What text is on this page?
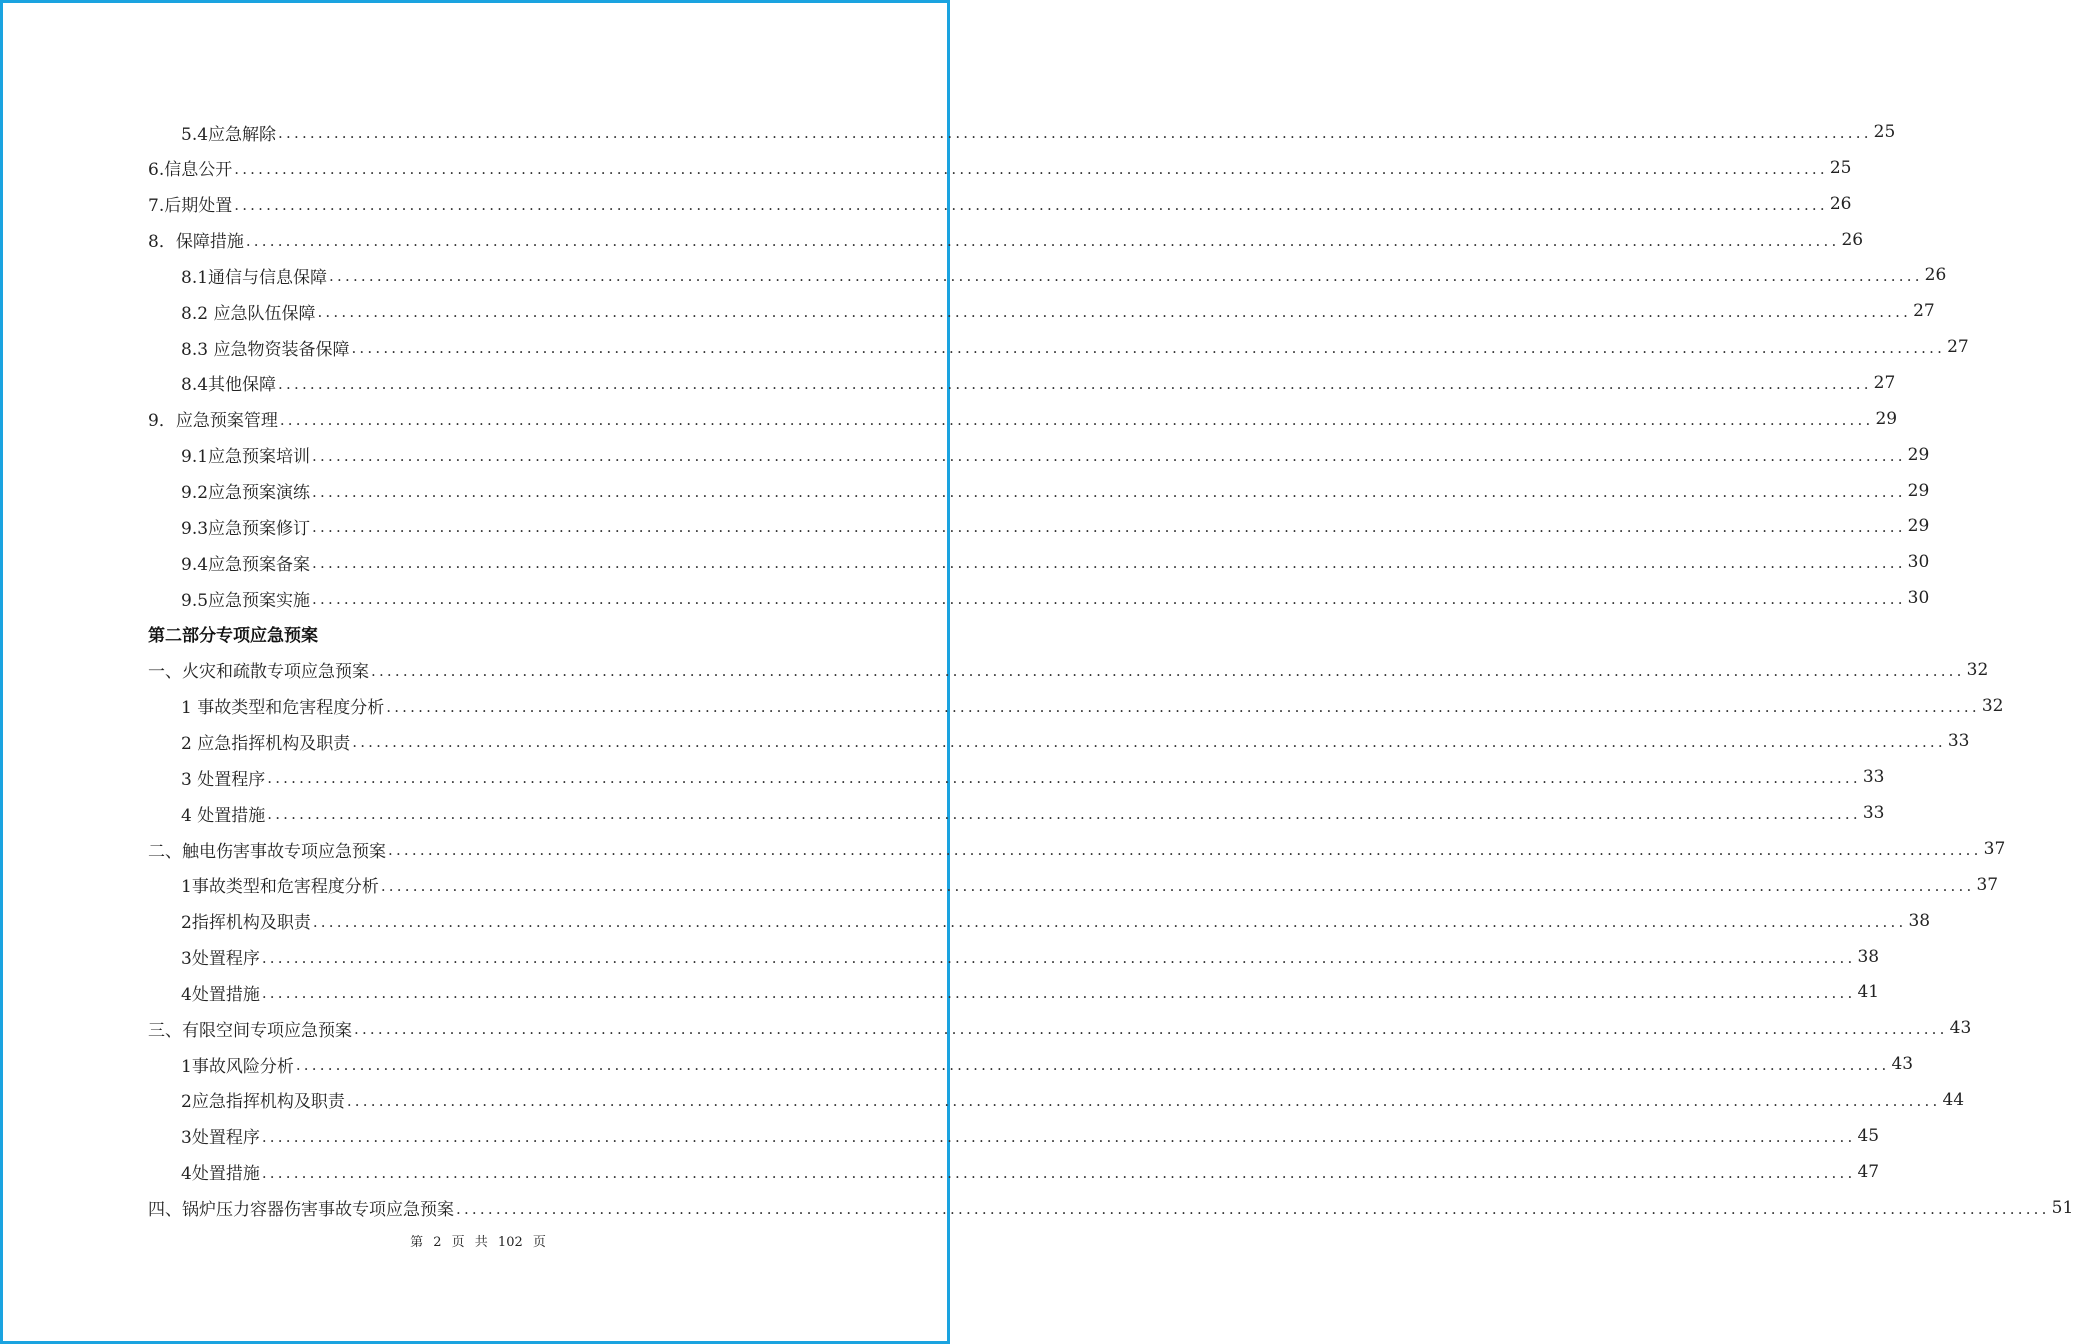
5.4应急解除 ........................................................................................................................................................................................................ 25
6.信息公开 ........................................................................................................................................................................................................ 25
7.后期处置 ........................................................................................................................................................................................................ 26
8．保障措施 ........................................................................................................................................................................................................ 26
8.1通信与信息保障 ........................................................................................................................................................................................................ 26
8.2 应急队伍保障 ........................................................................................................................................................................................................ 27
8.3 应急物资装备保障 ........................................................................................................................................................................................................ 27
8.4其他保障 ........................................................................................................................................................................................................ 27
9．应急预案管理 ........................................................................................................................................................................................................ 29
9.1应急预案培训 ........................................................................................................................................................................................................ 29
9.2应急预案演练 ........................................................................................................................................................................................................ 29
9.3应急预案修订 ........................................................................................................................................................................................................ 29
9.4应急预案备案 ........................................................................................................................................................................................................ 30
9.5应急预案实施 ........................................................................................................................................................................................................ 30
第二部分专项应急预案
一、火灾和疏散专项应急预案 ........................................................................................................................................................................................................ 32
1 事故类型和危害程度分析 ........................................................................................................................................................................................................ 32
2 应急指挥机构及职责 ........................................................................................................................................................................................................ 33
3 处置程序 ........................................................................................................................................................................................................ 33
4 处置措施 ........................................................................................................................................................................................................ 33
二、触电伤害事故专项应急预案 ........................................................................................................................................................................................................ 37
1事故类型和危害程度分析 ........................................................................................................................................................................................................ 37
2指挥机构及职责 ........................................................................................................................................................................................................ 38
3处置程序 ........................................................................................................................................................................................................ 38
4处置措施 ........................................................................................................................................................................................................ 41
三、有限空间专项应急预案 ........................................................................................................................................................................................................ 43
1事故风险分析 ........................................................................................................................................................................................................ 43
2应急指挥机构及职责 ........................................................................................................................................................................................................ 44
3处置程序 ........................................................................................................................................................................................................ 45
4处置措施 ........................................................................................................................................................................................................ 47
四、锅炉压力容器伤害事故专项应急预案 ........................................................................................................................................................................................................ 51
第 2 页 共 102 页
